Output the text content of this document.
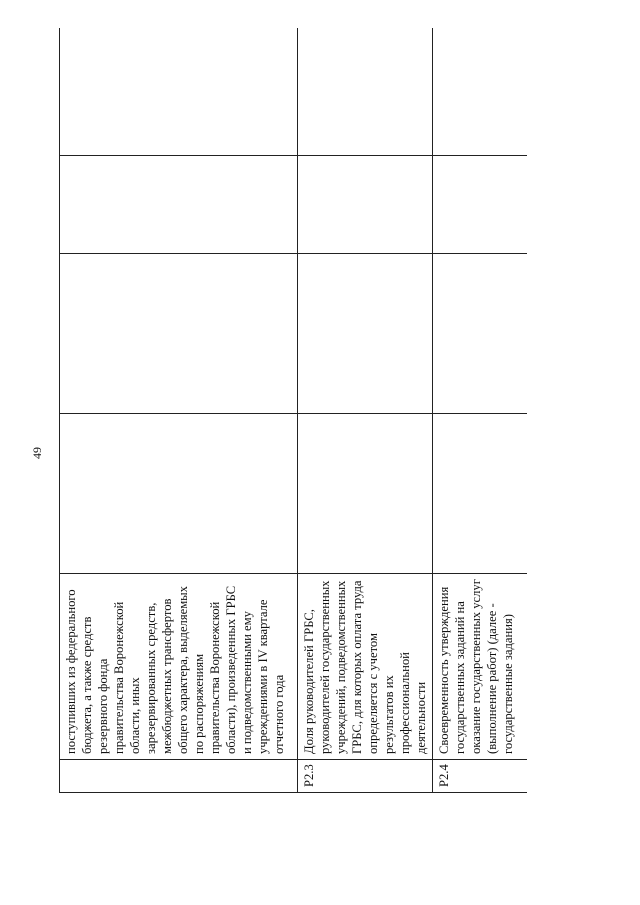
49
	поступивших из федерального бюджета, а также средств резервного фонда правительства Воронежской области, иных зарезервированных средств, межбюджетных трансфертов общего характера, выделяемых по распоряжениям правительства Воронежской области), произведенных ГРБС и подведомственными ему учреждениями в IV квартале отчетного года				
P2.3	Доля руководителей ГРБС, руководителей государственных учреждений, подведомственных ГРБС, для которых оплата труда определяется с учетом результатов их профессиональной деятельности				
P2.4	Своевременность утверждения государственных заданий на оказание государственных услуг (выполнение работ) (далее - государственные задания)				
